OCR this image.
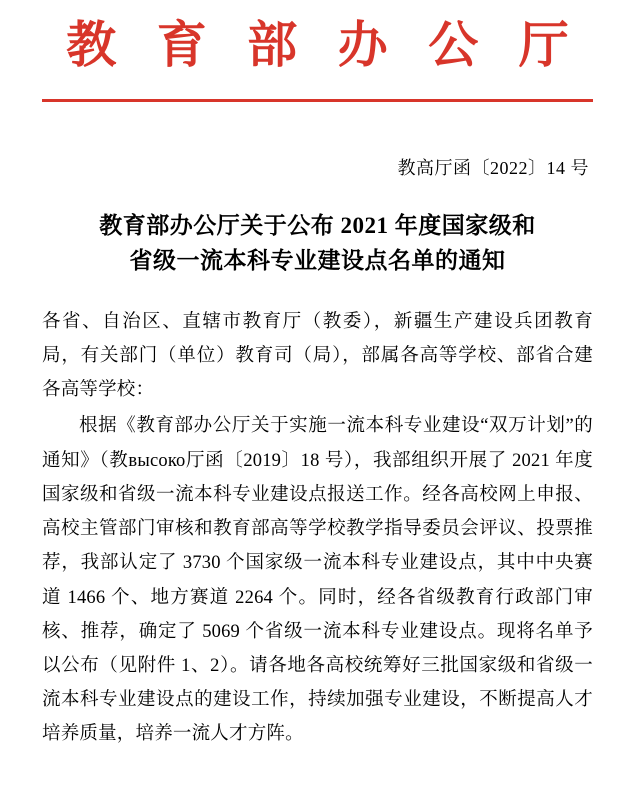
教 育 部 办 公 厅
教高厅函〔2022〕14 号
教育部办公厅关于公布 2021 年度国家级和
省级一流本科专业建设点名单的通知

各省、自治区、直辖市教育厅（教委），新疆生产建设兵团教育局，有关部门（单位）教育司（局），部属各高等学校、部省合建各高等学校：

根据《教育部办公厅关于实施一流本科专业建设“双万计划”的通知》（教высоко厅函〔2019〕18 号），我部组织开展了 2021 年度国家级和省级一流本科专业建设点报送工作。经各高校网上申报、高校主管部门审核和教育部高等学校教学指导委员会评议、投票推荐，我部认定了 3730 个国家级一流本科专业建设点，其中中央赛道 1466 个、地方赛道 2264 个。同时，经各省级教育行政部门审核、推荐，确定了 5069 个省级一流本科专业建设点。现将名单予以公布（见附件 1、2）。请各地各高校统筹好三批国家级和省级一流本科专业建设点的建设工作，持续加强专业建设，不断提高人才培养质量，培养一流人才方阵。
